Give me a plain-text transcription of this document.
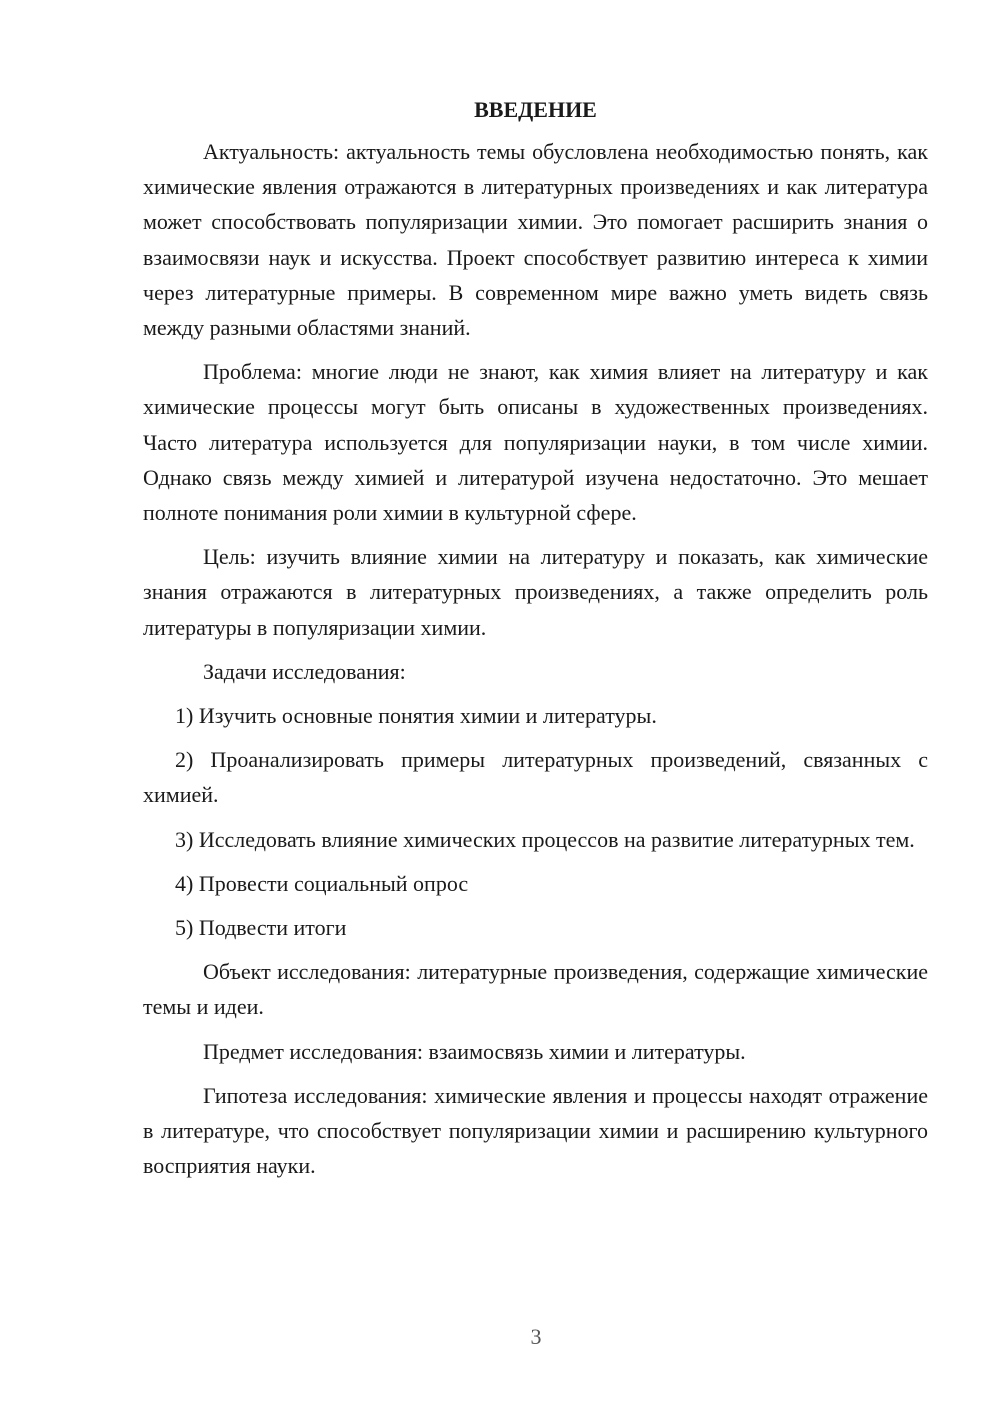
ВВЕДЕНИЕ

Актуальность: актуальность темы обусловлена необходимостью понять, как химические явления отражаются в литературных произведениях и как литература может способствовать популяризации химии. Это помогает расширить знания о взаимосвязи наук и искусства. Проект способствует развитию интереса к химии через литературные примеры. В современном мире важно уметь видеть связь между разными областями знаний.

Проблема: многие люди не знают, как химия влияет на литературу и как химические процессы могут быть описаны в художественных произведениях. Часто литература используется для популяризации науки, в том числе химии. Однако связь между химией и литературой изучена недостаточно. Это мешает полноте понимания роли химии в культурной сфере.

Цель: изучить влияние химии на литературу и показать, как химические знания отражаются в литературных произведениях, а также определить роль литературы в популяризации химии.

Задачи исследования:

1) Изучить основные понятия химии и литературы.

2) Проанализировать примеры литературных произведений, связанных с химией.

3) Исследовать влияние химических процессов на развитие литературных тем.

4) Провести социальный опрос

5) Подвести итоги

Объект исследования: литературные произведения, содержащие химические темы и идеи.

Предмет исследования: взаимосвязь химии и литературы.

Гипотеза исследования: химические явления и процессы находят отражение в литературе, что способствует популяризации химии и расширению культурного восприятия науки.

3
